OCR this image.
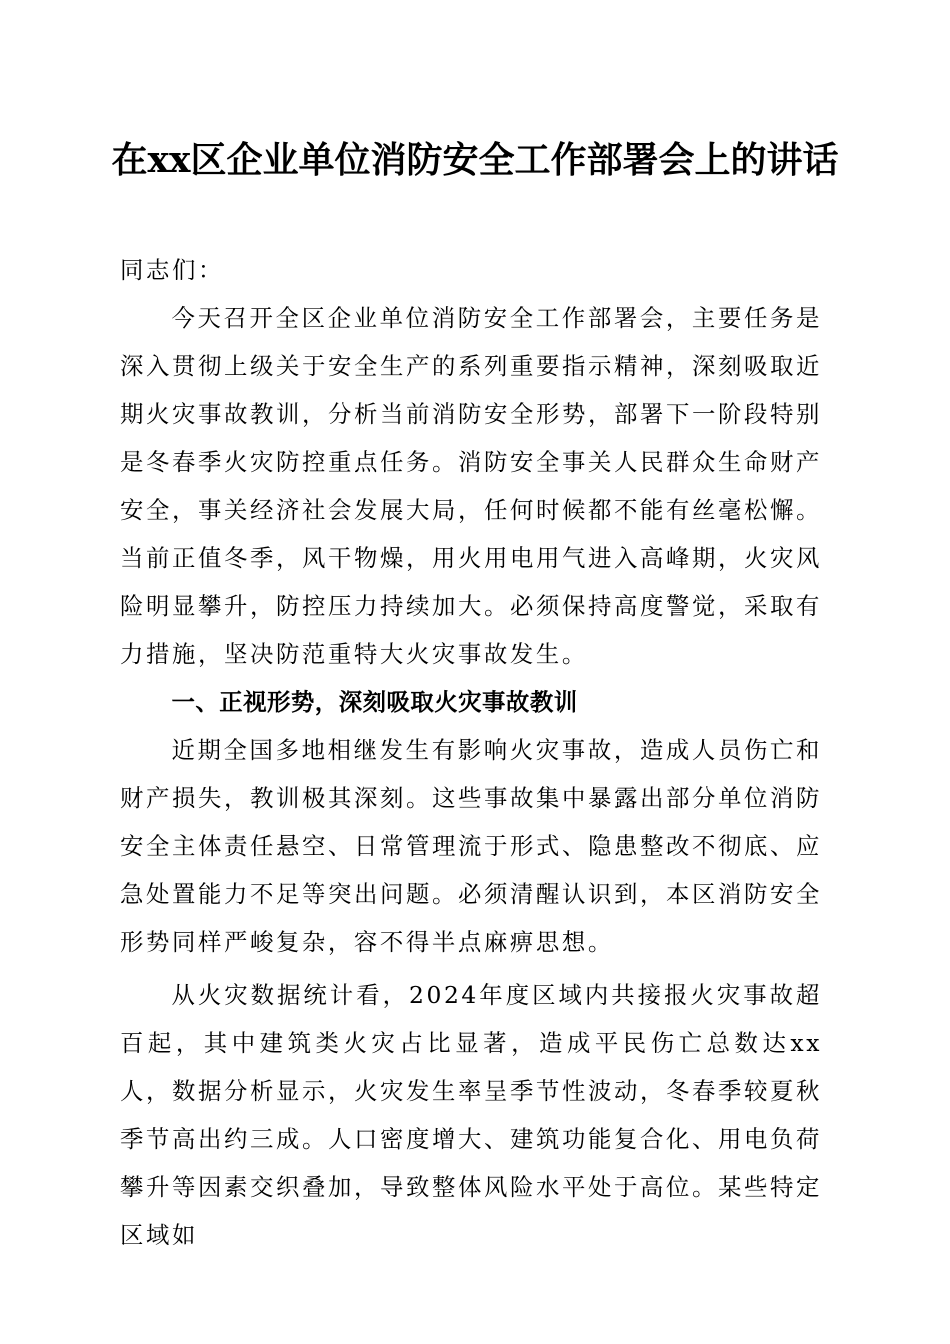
在xx区企业单位消防安全工作部署会上的讲话

同志们：

今天召开全区企业单位消防安全工作部署会，主要任务是深入贯彻上级关于安全生产的系列重要指示精神，深刻吸取近期火灾事故教训，分析当前消防安全形势，部署下一阶段特别是冬春季火灾防控重点任务。消防安全事关人民群众生命财产安全，事关经济社会发展大局，任何时候都不能有丝毫松懈。当前正值冬季，风干物燥，用火用电用气进入高峰期，火灾风险明显攀升，防控压力持续加大。必须保持高度警觉，采取有力措施，坚决防范重特大火灾事故发生。

一、正视形势，深刻吸取火灾事故教训

近期全国多地相继发生有影响火灾事故，造成人员伤亡和财产损失，教训极其深刻。这些事故集中暴露出部分单位消防安全主体责任悬空、日常管理流于形式、隐患整改不彻底、应急处置能力不足等突出问题。必须清醒认识到，本区消防安全形势同样严峻复杂，容不得半点麻痹思想。

从火灾数据统计看，2024年度区域内共接报火灾事故超百起，其中建筑类火灾占比显著，造成平民伤亡总数达xx人，数据分析显示，火灾发生率呈季节性波动，冬春季较夏秋季节高出约三成。人口密度增大、建筑功能复合化、用电负荷攀升等因素交织叠加，导致整体风险水平处于高位。某些特定区域如
